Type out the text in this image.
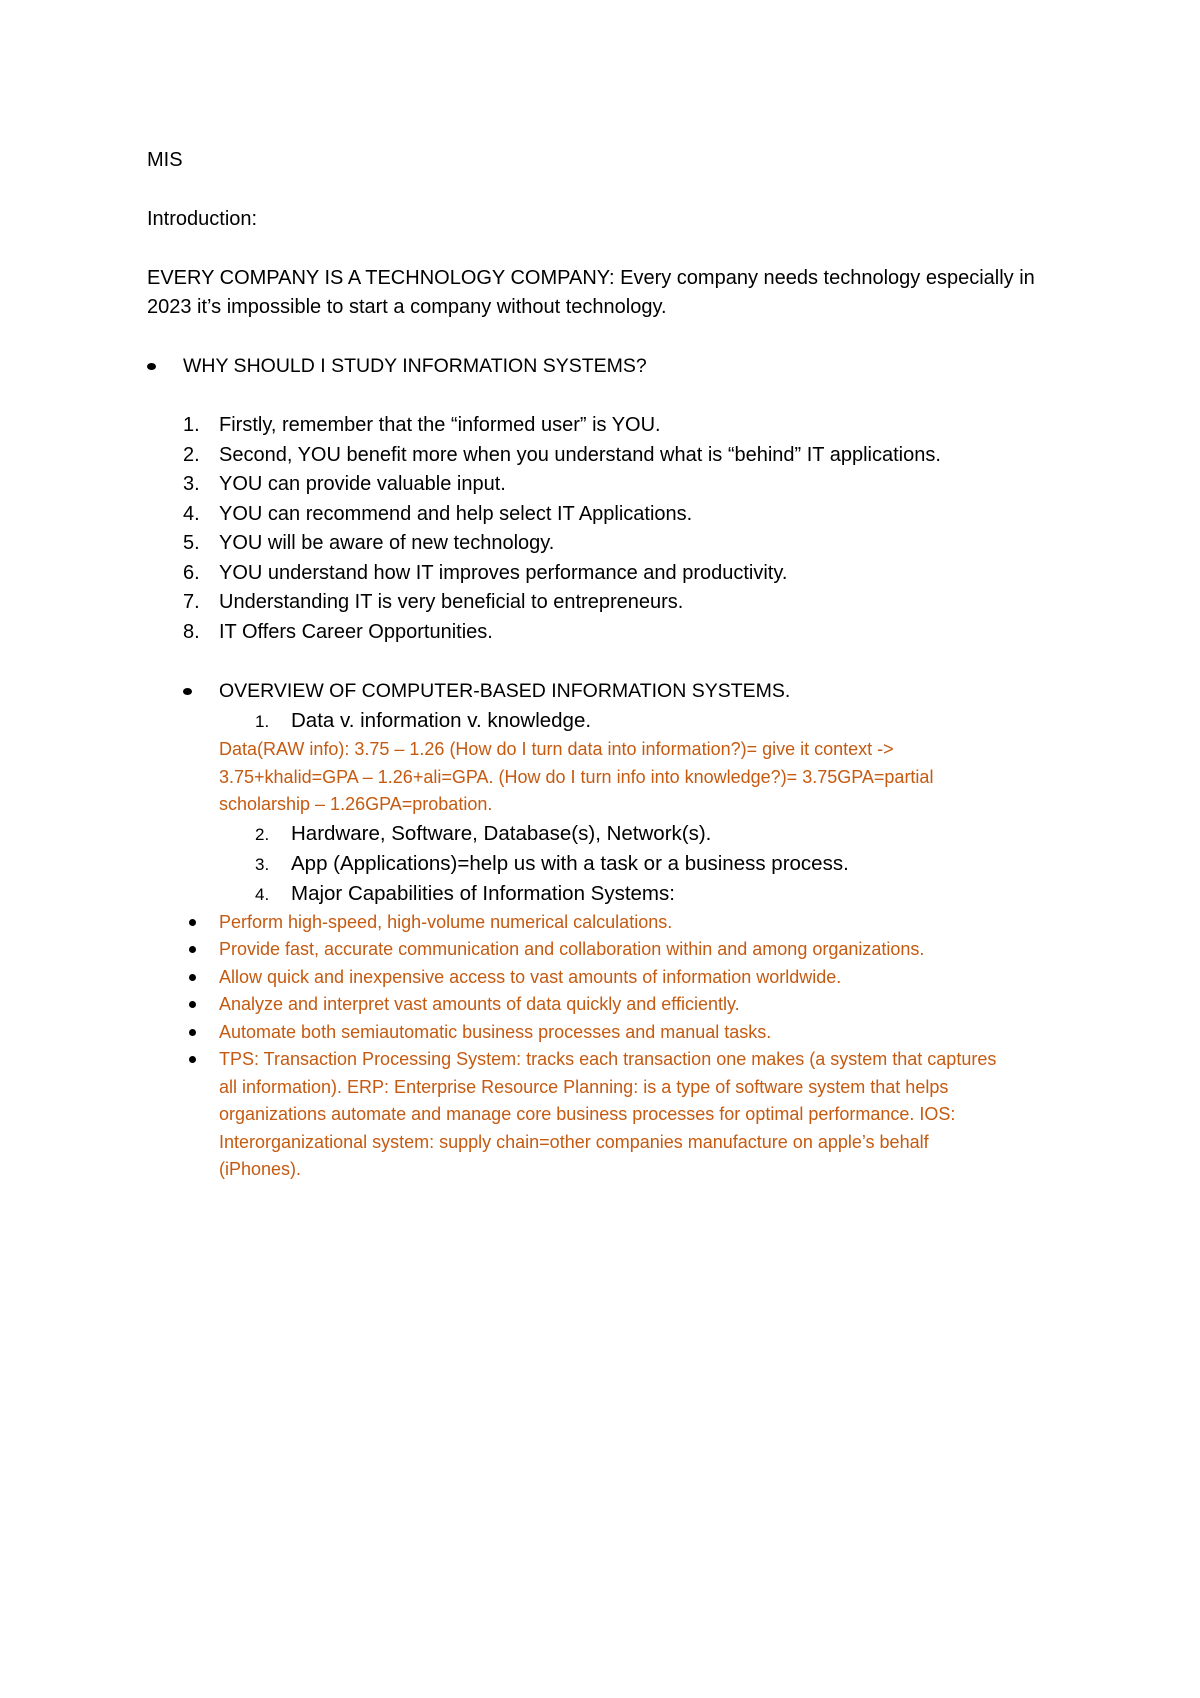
MIS
Introduction:
EVERY COMPANY IS A TECHNOLOGY COMPANY: Every company needs technology especially in 2023 it’s impossible to start a company without technology.
WHY SHOULD I STUDY INFORMATION SYSTEMS?
1. Firstly, remember that the “informed user” is YOU.
2. Second, YOU benefit more when you understand what is “behind” IT applications.
3. YOU can provide valuable input.
4. YOU can recommend and help select IT Applications.
5. YOU will be aware of new technology.
6. YOU understand how IT improves performance and productivity.
7. Understanding IT is very beneficial to entrepreneurs.
8. IT Offers Career Opportunities.
OVERVIEW OF COMPUTER-BASED INFORMATION SYSTEMS.
1. Data v. information v. knowledge.
Data(RAW info): 3.75 – 1.26 (How do I turn data into information?)= give it context -> 3.75+khalid=GPA – 1.26+ali=GPA. (How do I turn info into knowledge?)= 3.75GPA=partial scholarship – 1.26GPA=probation.
2. Hardware, Software, Database(s), Network(s).
3. App (Applications)=help us with a task or a business process.
4. Major Capabilities of Information Systems:
Perform high-speed, high-volume numerical calculations.
Provide fast, accurate communication and collaboration within and among organizations.
Allow quick and inexpensive access to vast amounts of information worldwide.
Analyze and interpret vast amounts of data quickly and efficiently.
Automate both semiautomatic business processes and manual tasks.
TPS: Transaction Processing System: tracks each transaction one makes (a system that captures all information). ERP: Enterprise Resource Planning: is a type of software system that helps organizations automate and manage core business processes for optimal performance. IOS: Interorganizational system: supply chain=other companies manufacture on apple’s behalf (iPhones).
